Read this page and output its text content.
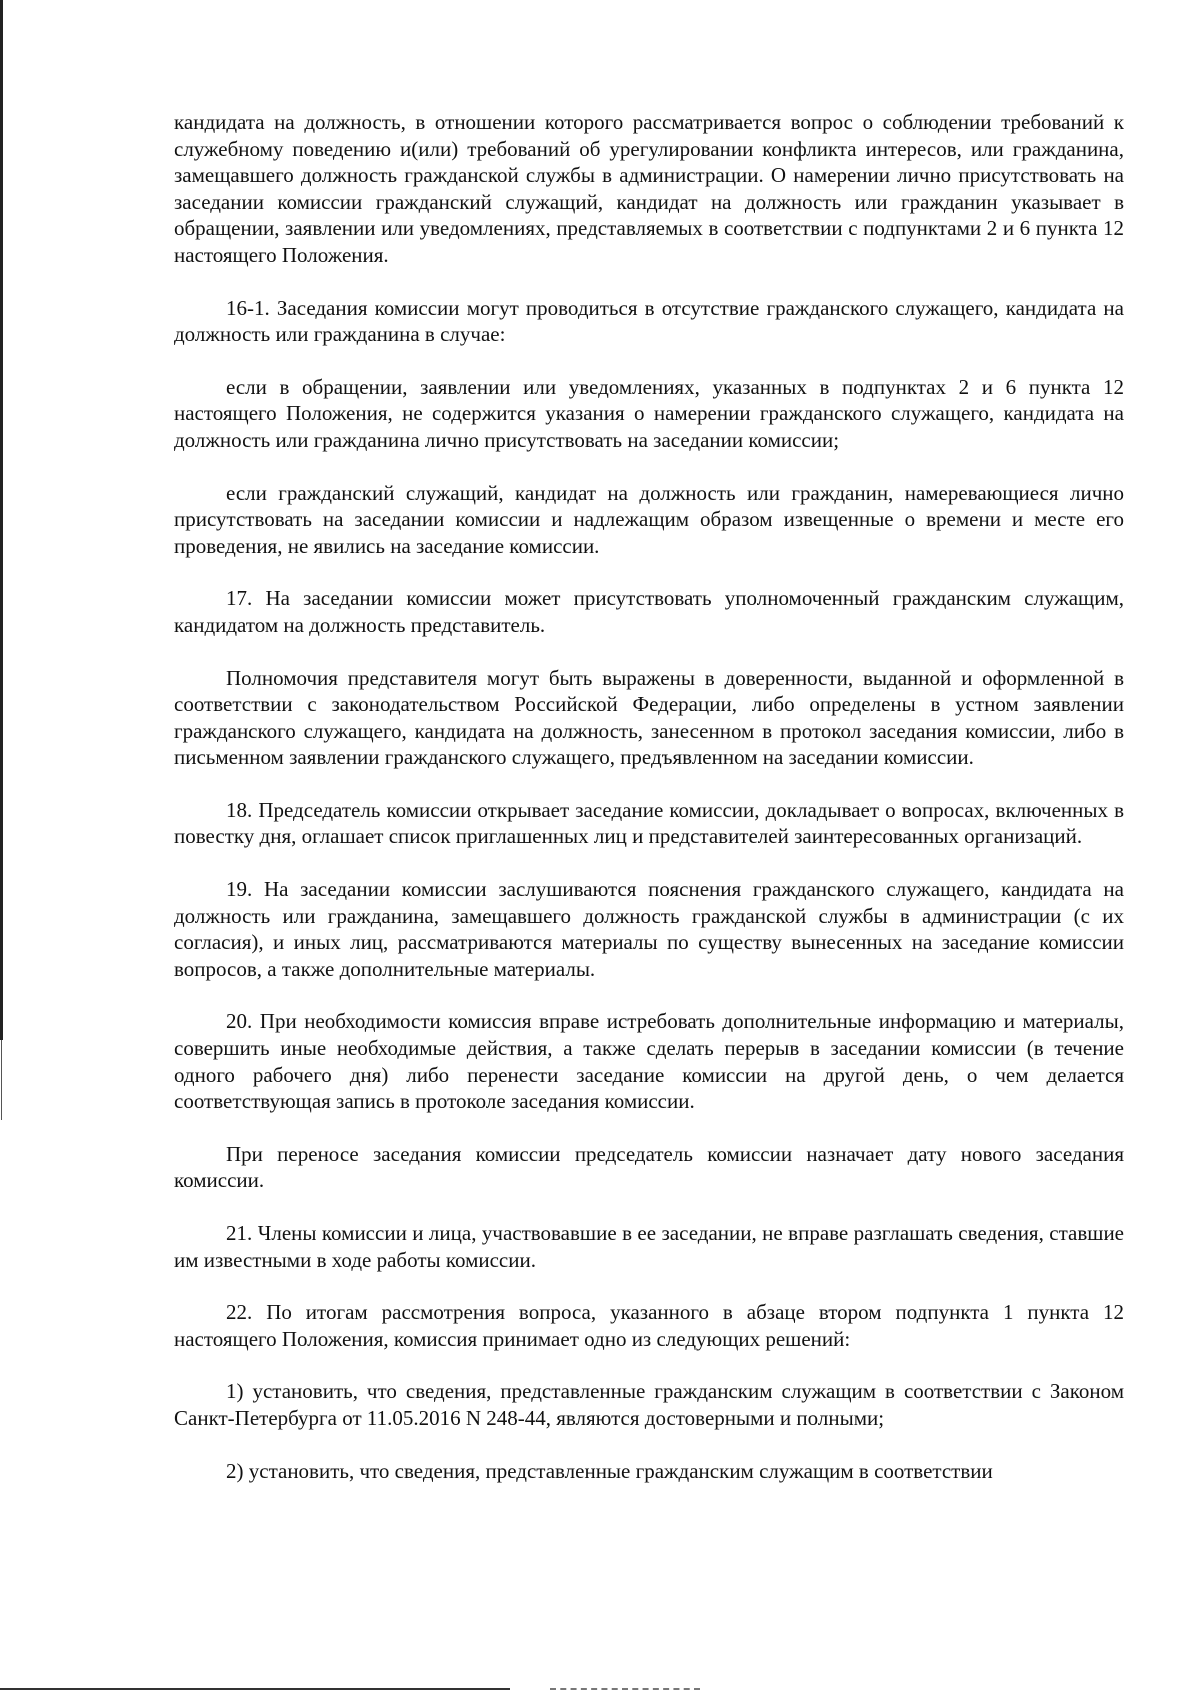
кандидата на должность, в отношении которого рассматривается вопрос о соблюдении требований к служебному поведению и(или) требований об урегулировании конфликта интересов, или гражданина, замещавшего должность гражданской службы в администрации. О намерении лично присутствовать на заседании комиссии гражданский служащий, кандидат на должность или гражданин указывает в обращении, заявлении или уведомлениях, представляемых в соответствии с подпунктами 2 и 6 пункта 12 настоящего Положения.

16-1. Заседания комиссии могут проводиться в отсутствие гражданского служащего, кандидата на должность или гражданина в случае:

если в обращении, заявлении или уведомлениях, указанных в подпунктах 2 и 6 пункта 12 настоящего Положения, не содержится указания о намерении гражданского служащего, кандидата на должность или гражданина лично присутствовать на заседании комиссии;

если гражданский служащий, кандидат на должность или гражданин, намеревающиеся лично присутствовать на заседании комиссии и надлежащим образом извещенные о времени и месте его проведения, не явились на заседание комиссии.

17. На заседании комиссии может присутствовать уполномоченный гражданским служащим, кандидатом на должность представитель.

Полномочия представителя могут быть выражены в доверенности, выданной и оформленной в соответствии с законодательством Российской Федерации, либо определены в устном заявлении гражданского служащего, кандидата на должность, занесенном в протокол заседания комиссии, либо в письменном заявлении гражданского служащего, предъявленном на заседании комиссии.

18. Председатель комиссии открывает заседание комиссии, докладывает о вопросах, включенных в повестку дня, оглашает список приглашенных лиц и представителей заинтересованных организаций.

19. На заседании комиссии заслушиваются пояснения гражданского служащего, кандидата на должность или гражданина, замещавшего должность гражданской службы в администрации (с их согласия), и иных лиц, рассматриваются материалы по существу вынесенных на заседание комиссии вопросов, а также дополнительные материалы.

20. При необходимости комиссия вправе истребовать дополнительные информацию и материалы, совершить иные необходимые действия, а также сделать перерыв в заседании комиссии (в течение одного рабочего дня) либо перенести заседание комиссии на другой день, о чем делается соответствующая запись в протоколе заседания комиссии.

При переносе заседания комиссии председатель комиссии назначает дату нового заседания комиссии.

21. Члены комиссии и лица, участвовавшие в ее заседании, не вправе разглашать сведения, ставшие им известными в ходе работы комиссии.

22. По итогам рассмотрения вопроса, указанного в абзаце втором подпункта 1 пункта 12 настоящего Положения, комиссия принимает одно из следующих решений:

1) установить, что сведения, представленные гражданским служащим в соответствии с Законом Санкт-Петербурга от 11.05.2016 N 248-44, являются достоверными и полными;

2) установить, что сведения, представленные гражданским служащим в соответствии
